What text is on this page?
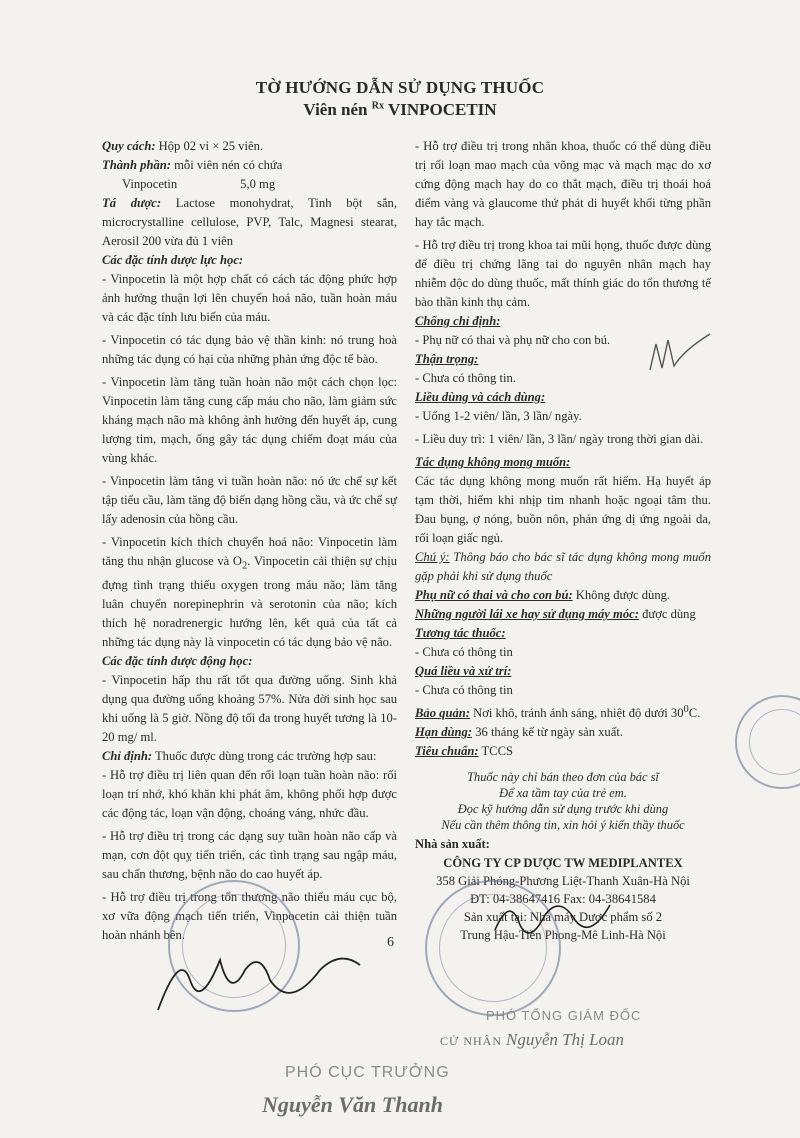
TỜ HƯỚNG DẪN SỬ DỤNG THUỐC
Viên nén $^{Rx}$ VINPOCETIN

Quy cách: Hộp 02 vỉ × 25 viên.

Thành phần: mỗi viên nén có chứa

Vinpocetin                    5,0 mg

Tá dược: Lactose monohydrat, Tinh bột sắn, microcrystalline cellulose, PVP, Talc, Magnesi stearat, Aerosil 200 vừa đủ 1 viên

Các đặc tính dược lực học:

- Vinpocetin là một hợp chất có cách tác động phức hợp ảnh hưởng thuận lợi lên chuyển hoá não, tuần hoàn máu và các đặc tính lưu biến của máu.

- Vinpocetin có tác dụng bảo vệ thần kinh: nó trung hoà những tác dụng có hại của những phản ứng độc tế bào.

- Vinpocetin làm tăng tuần hoàn não một cách chọn lọc: Vinpocetin làm tăng cung cấp máu cho não, làm giảm sức kháng mạch não mà không ảnh hưởng đến huyết áp, cung lượng tim, mạch, ống gây tác dụng chiếm đoạt máu của vùng khác.

- Vinpocetin làm tăng vi tuần hoàn não: nó ức chế sự kết tập tiểu cầu, làm tăng độ biến dạng hồng cầu, và ức chế sự lấy adenosin của hồng cầu.

- Vinpocetin kích thích chuyển hoá não: Vinpocetin làm tăng thu nhận glucose và $O_2$. Vinpocetin cải thiện sự chịu đựng tình trạng thiếu oxygen trong máu não; làm tăng luân chuyển norepinephrin và serotonin của não; kích thích hệ noradrenergic hướng lên, kết quả của tất cả những tác dụng này là vinpocetin có tác dụng bảo vệ não.

Các đặc tính dược động học:

- Vinpocetin hấp thu rất tốt qua đường uống. Sinh khả dụng qua đường uống khoảng 57%. Nửa đời sinh học sau khi uống là 5 giờ. Nồng độ tối đa trong huyết tương là 10- 20 mg/ ml.

Chỉ định: Thuốc được dùng trong các trường hợp sau:

- Hỗ trợ điều trị liên quan đến rối loạn tuần hoàn não: rối loạn trí nhớ, khó khăn khi phát âm, không phối hợp được các động tác, loạn vận động, choáng váng, nhức đầu.

- Hỗ trợ điều trị trong các dạng suy tuần hoàn não cấp và mạn, cơn đột quỵ tiến triển, các tình trạng sau ngập máu, sau chấn thương, bệnh não do cao huyết áp.

- Hỗ trợ điều trị trong tổn thương não thiếu máu cục bộ, xơ vữa động mạch tiến triển, Vinpocetin cải thiện tuần hoàn nhánh bên.

- Hỗ trợ điều trị trong nhãn khoa, thuốc có thể dùng điều trị rối loạn mao mạch của võng mạc và mạch mạc do xơ cứng động mạch hay do co thắt mạch, điều trị thoái hoá điểm vàng và glaucome thứ phát di huyết khối từng phần hay tắc mạch.

- Hỗ trợ điều trị trong khoa tai mũi họng, thuốc được dùng để điều trị chứng lãng tai do nguyên nhân mạch hay nhiễm độc do dùng thuốc, mất thính giác do tổn thương tế bào thần kinh thụ cảm.

Chống chỉ định:

- Phụ nữ có thai và phụ nữ cho con bú.

Thận trọng:

- Chưa có thông tin.

Liều dùng và cách dùng:

- Uống 1-2 viên/ lần, 3 lần/ ngày.

- Liều duy trì: 1 viên/ lần, 3 lần/ ngày trong thời gian dài.

Tác dụng không mong muốn:

Các tác dụng không mong muốn rất hiếm. Hạ huyết áp tạm thời, hiếm khi nhịp tim nhanh hoặc ngoại tâm thu. Đau bụng, ợ nóng, buồn nôn, phản ứng dị ứng ngoài da, rối loạn giấc ngủ.

Chú ý: Thông báo cho bác sĩ tác dụng không mong muốn gặp phải khi sử dụng thuốc

Phụ nữ có thai và cho con bú: Không được dùng.

Những người lái xe hay sử dụng máy móc: được dùng

Tương tác thuốc:

- Chưa có thông tin

Quá liều và xử trí:

- Chưa có thông tin

Bảo quản: Nơi khô, tránh ánh sáng, nhiệt độ dưới $30^0C$.

Hạn dùng: 36 tháng kể từ ngày sản xuất.

Tiêu chuẩn: TCCS

Thuốc này chỉ bán theo đơn của bác sĩ
Để xa tầm tay của trẻ em.
Đọc kỹ hướng dẫn sử dụng trước khi dùng
Nếu cần thêm thông tin, xin hỏi ý kiến thầy thuốc
Nhà sản xuất:
CÔNG TY CP DƯỢC TW MEDIPLANTEX
358 Giải Phóng-Phương Liệt-Thanh Xuân-Hà Nội
ĐT: 04-38647416 Fax: 04-38641584
Sản xuất tại: Nhà máy Dược phẩm số 2
Trung Hậu-Tiền Phong-Mê Linh-Hà Nội
6
PHÓ TỔNG GIÁM ĐỐC
CỬ NHÂN Nguyễn Thị Loan
PHÓ CỤC TRƯỞNG
Nguyễn Văn Thanh
